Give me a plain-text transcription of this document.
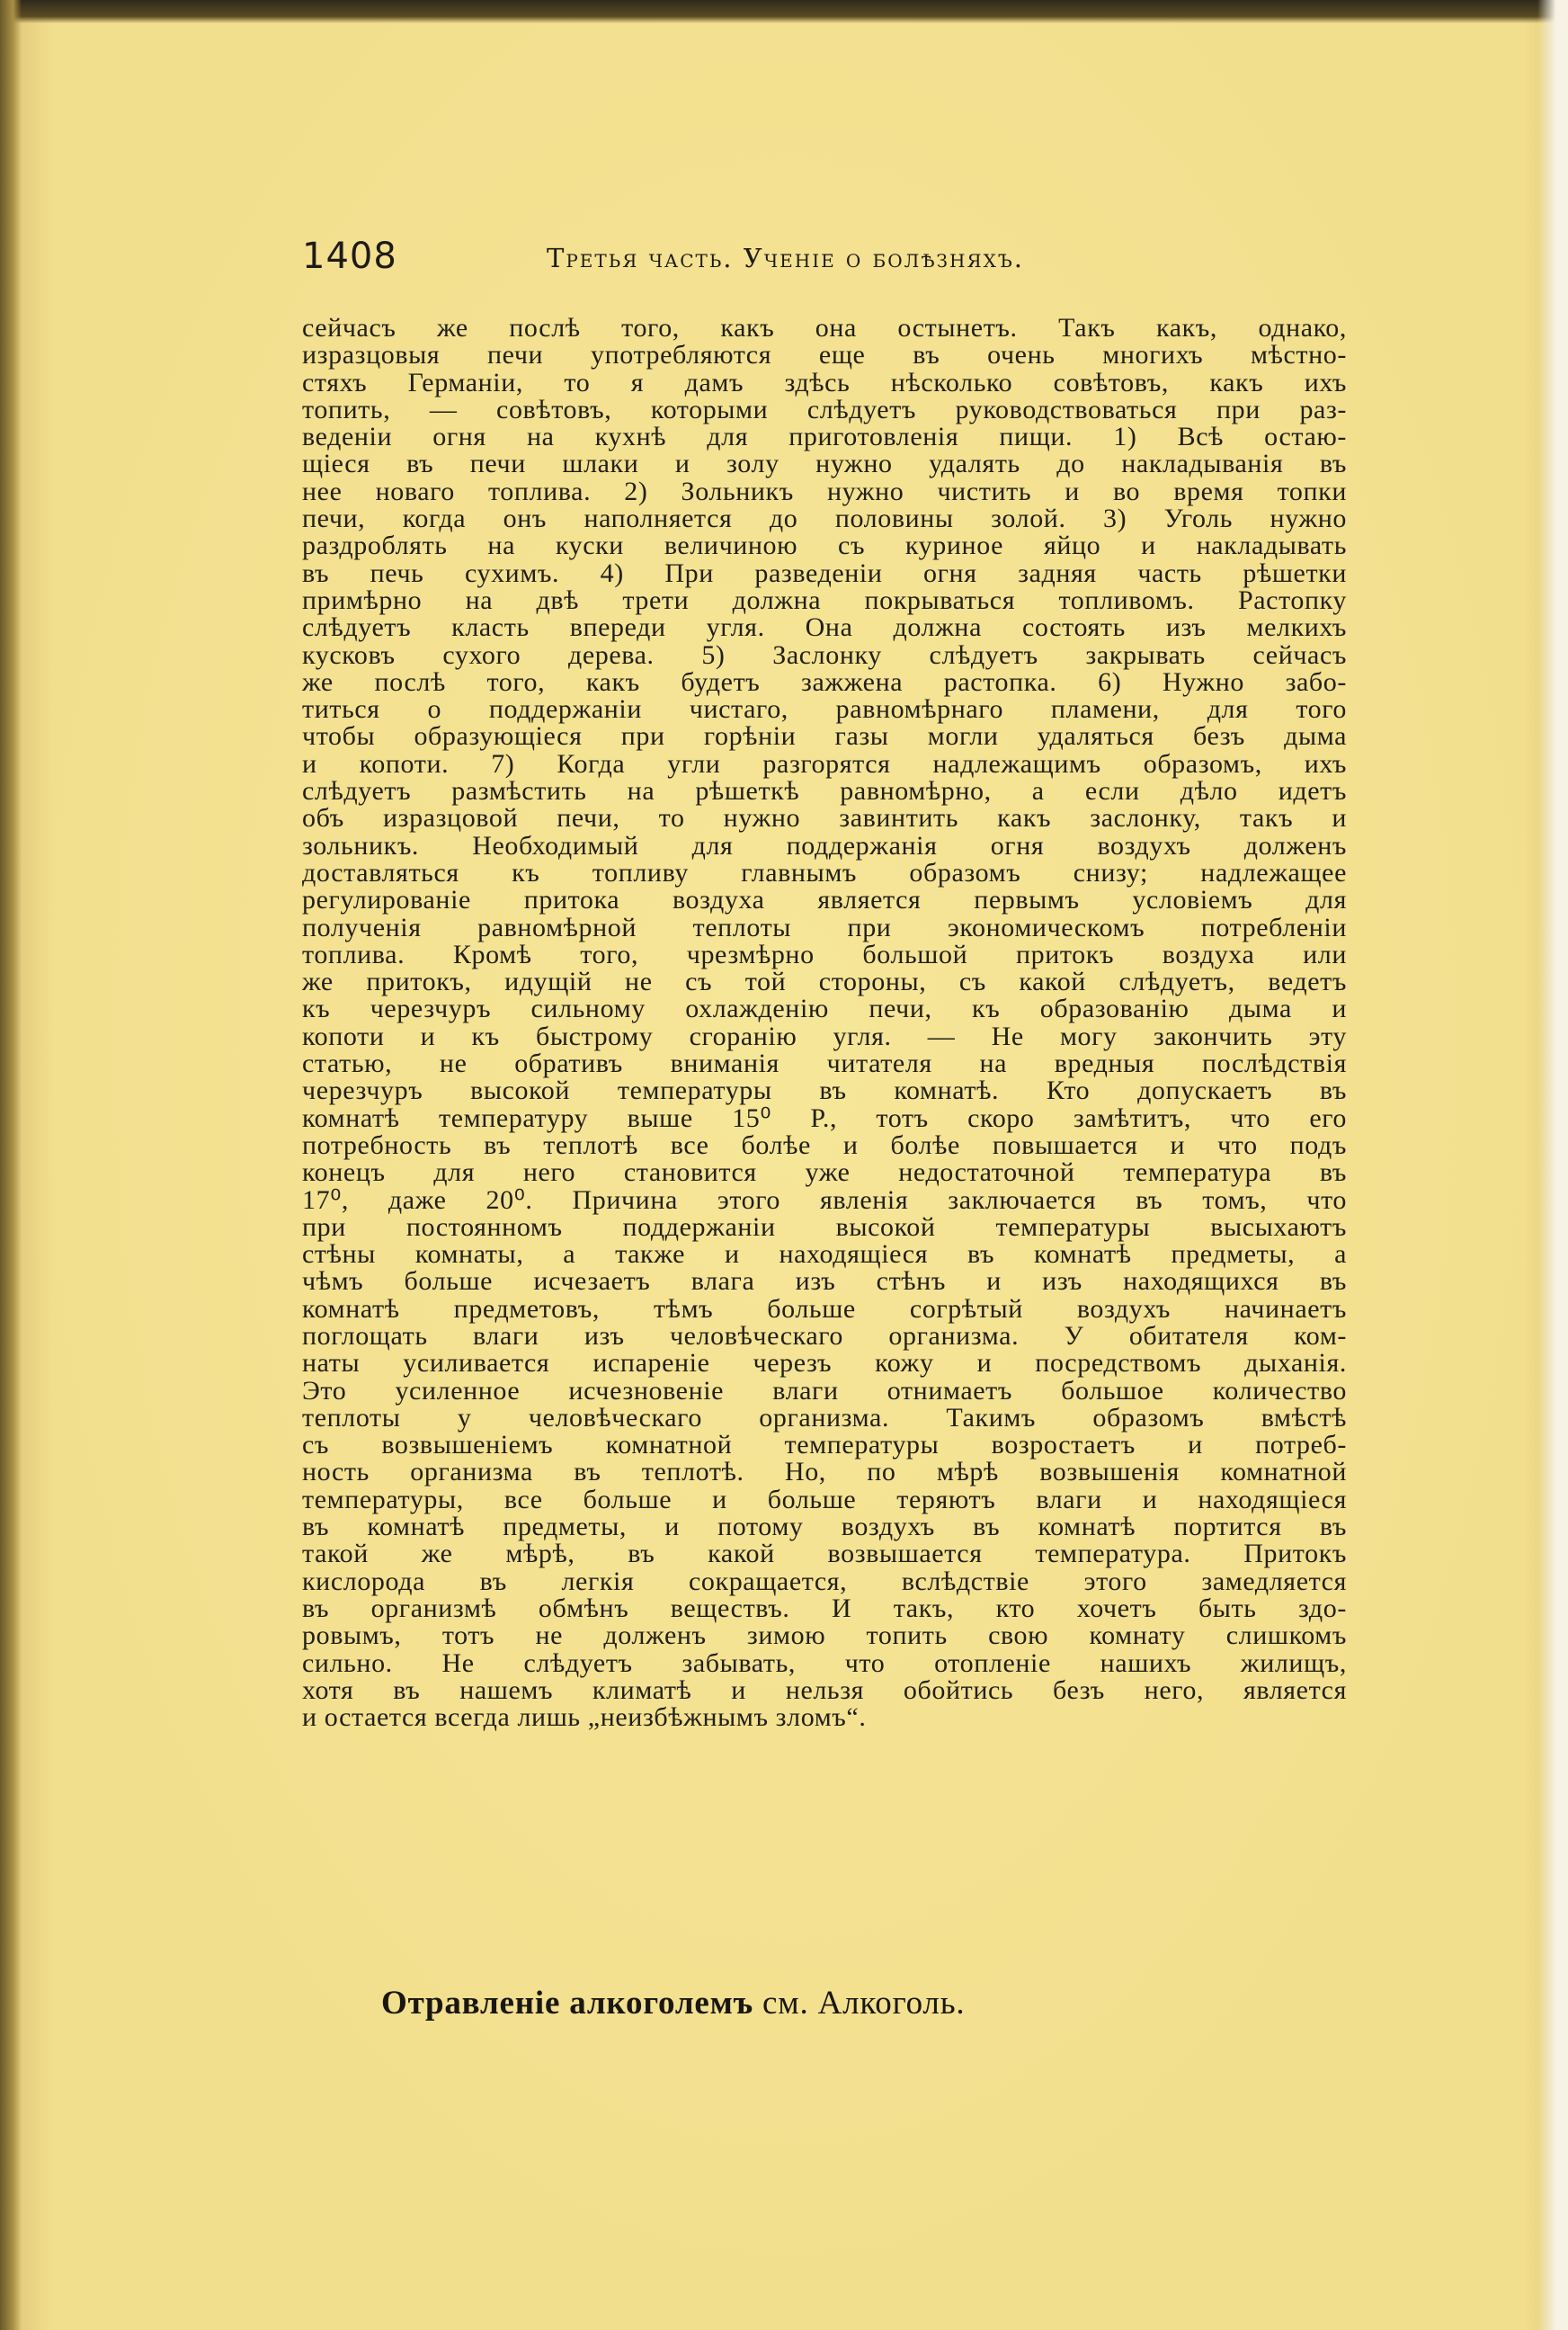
1408	Третья часть. Ученіе о болѣзняхъ.
сейчасъ же послѣ того, какъ она остынетъ. Такъ какъ, однако,
изразцовыя печи употребляются еще въ очень многихъ мѣстно-
стяхъ Германіи, то я дамъ здѣсь нѣсколько совѣтовъ, какъ ихъ
топить, — совѣтовъ, которыми слѣдуетъ руководствоваться при раз-
веденіи огня на кухнѣ для приготовленія пищи. 1) Всѣ остаю-
щіеся въ печи шлаки и золу нужно удалять до накладыванія въ
нее новаго топлива. 2) Зольникъ нужно чистить и во время топки
печи, когда онъ наполняется до половины золой. 3) Уголь нужно
раздроблять на куски величиною съ куриное яйцо и накладывать
въ печь сухимъ. 4) При разведеніи огня задняя часть рѣшетки
примѣрно на двѣ трети должна покрываться топливомъ. Растопку
слѣдуетъ класть впереди угля. Она должна состоять изъ мелкихъ
кусковъ сухого дерева. 5) Заслонку слѣдуетъ закрывать сейчасъ
же послѣ того, какъ будетъ зажжена растопка. 6) Нужно забо-
титься о поддержаніи чистаго, равномѣрнаго пламени, для того
чтобы образующіеся при горѣніи газы могли удаляться безъ дыма
и копоти. 7) Когда угли разгорятся надлежащимъ образомъ, ихъ
слѣдуетъ размѣстить на рѣшеткѣ равномѣрно, а если дѣло идетъ
объ изразцовой печи, то нужно завинтить какъ заслонку, такъ и
зольникъ. Необходимый для поддержанія огня воздухъ долженъ
доставляться къ топливу главнымъ образомъ снизу; надлежащее
регулированіе притока воздуха является первымъ условіемъ для
полученія равномѣрной теплоты при экономическомъ потребленіи
топлива. Кромѣ того, чрезмѣрно большой притокъ воздуха или
же притокъ, идущій не съ той стороны, съ какой слѣдуетъ, ведетъ
къ черезчуръ сильному охлажденію печи, къ образованію дыма и
копоти и къ быстрому сгоранію угля. — Не могу закончить эту
статью, не обративъ вниманія читателя на вредныя послѣдствія
черезчуръ высокой температуры въ комнатѣ. Кто допускаетъ въ
комнатѣ температуру выше 15⁰ Р., тотъ скоро замѣтитъ, что его
потребность въ теплотѣ все болѣе и болѣе повышается и что подъ
конецъ для него становится уже недостаточной температура въ
17⁰, даже 20⁰. Причина этого явленія заключается въ томъ, что
при постоянномъ поддержаніи высокой температуры высыхаютъ
стѣны комнаты, а также и находящіеся въ комнатѣ предметы, а
чѣмъ больше исчезаетъ влага изъ стѣнъ и изъ находящихся въ
комнатѣ предметовъ, тѣмъ больше согрѣтый воздухъ начинаетъ
поглощать влаги изъ человѣческаго организма. У обитателя ком-
наты усиливается испареніе черезъ кожу и посредствомъ дыханія.
Это усиленное исчезновеніе влаги отнимаетъ большое количество
теплоты у человѣческаго организма. Такимъ образомъ вмѣстѣ
съ возвышеніемъ комнатной температуры возростаетъ и потреб-
ность организма въ теплотѣ. Но, по мѣрѣ возвышенія комнатной
температуры, все больше и больше теряютъ влаги и находящіеся
въ комнатѣ предметы, и потому воздухъ въ комнатѣ портится въ
такой же мѣрѣ, въ какой возвышается температура. Притокъ
кислорода въ легкія сокращается, вслѣдствіе этого замедляется
въ организмѣ обмѣнъ веществъ. И такъ, кто хочетъ быть здо-
ровымъ, тотъ не долженъ зимою топить свою комнату слишкомъ
сильно. Не слѣдуетъ забывать, что отопленіе нашихъ жилищъ,
хотя въ нашемъ климатѣ и нельзя обойтись безъ него, является
и остается всегда лишь „неизбѣжнымъ зломъ“.
Отравленіе алкоголемъ см. Алкоголь.
